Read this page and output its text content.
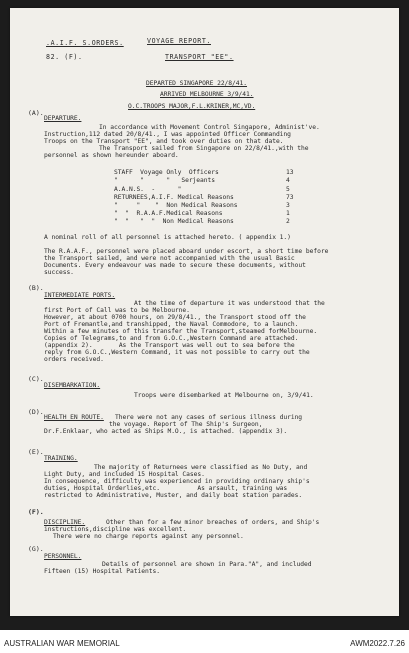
.A.I.F. S.ORDERS.	VOYAGE REPORT.
82. (F).	TRANSPORT "EE".
DEPARTED SINGAPORE 22/8/41.
ARRIVED MELBOURNE 3/9/41.
O.C.TROOPS MAJOR,F.L.KRINER,MC,VD.
(A).
DEPARTURE.
In accordance with Movement Control Singapore, Administ've.
Instruction,112 dated 20/8/41., I was appointed Officer Commanding
Troops on the Transport "EE", and took over duties on that date.
The Transport sailed from Singapore on 22/8/41.,with the
personnel as shown hereunder aboard.
STAFF  Voyage Only  Officers	13
"      "      "   Serjeants	4
A.A.N.S.  -      "	5
RETURNEES,A.I.F. Medical Reasons	73
"     "    "  Non Medical Reasons	3
"  "  R.A.A.F.Medical Reasons	1
"  "   "  "  Non Medical Reasons	2
A nominal roll of all personnel is attached hereto. ( appendix 1.)
The R.A.A.F., personnel were placed aboard under escort, a short time before
the Transport sailed, and were not accompanied with the usual Basic
Documents. Every endeavour was made to secure these documents, without
success.
(B).
INTERMEDIATE PORTS.
At the time of departure it was understood that the
first Port of Call was to be Melbourne.
However, at about 0700 hours, on 29/8/41., the Transport stood off the
Port of Fremantle,and transhipped, the Naval Commodore, to a launch.
Within a few minutes of this transfer the Transport,steamed forMelbourne.
Copies of Telegrams,to and from G.O.C.,Western Command are attached.
(appendix 2).       As the Transport was well out to sea before the
reply from G.O.C.,Western Command, it was not possible to carry out the
orders received.
(C).
DISEMBARKATION.
Troops were disembarked at Melbourne on, 3/9/41.
(D).
HEALTH EN ROUTE. There were not any cases of serious illness during
the voyage. Report of The Ship's Surgeon,
Dr.F.Enklaar, who acted as Ships M.O., is attached. (appendix 3).
(E).
TRAINING.
The majority of Returnees were classified as No Duty, and
Light Duty, and included 15 Hospital Cases.
In consequence, difficulty was experienced in providing ordinary ship's
duties, Hospital Orderlies,etc.          As arsault, training was
restricted to Administrative, Muster, and daily boat station parades.
(F).
DISCIPLINE.	Other than for a few minor breaches of orders, and Ship's
instructions,discipline was excellent.
There were no charge reports against any personnel.
(G).
PERSONNEL.
Details of personnel are shown in Para."A", and included
Fifteen (15) Hospital Patients.
AUSTRALIAN WAR MEMORIAL	AWM2022.7.26
